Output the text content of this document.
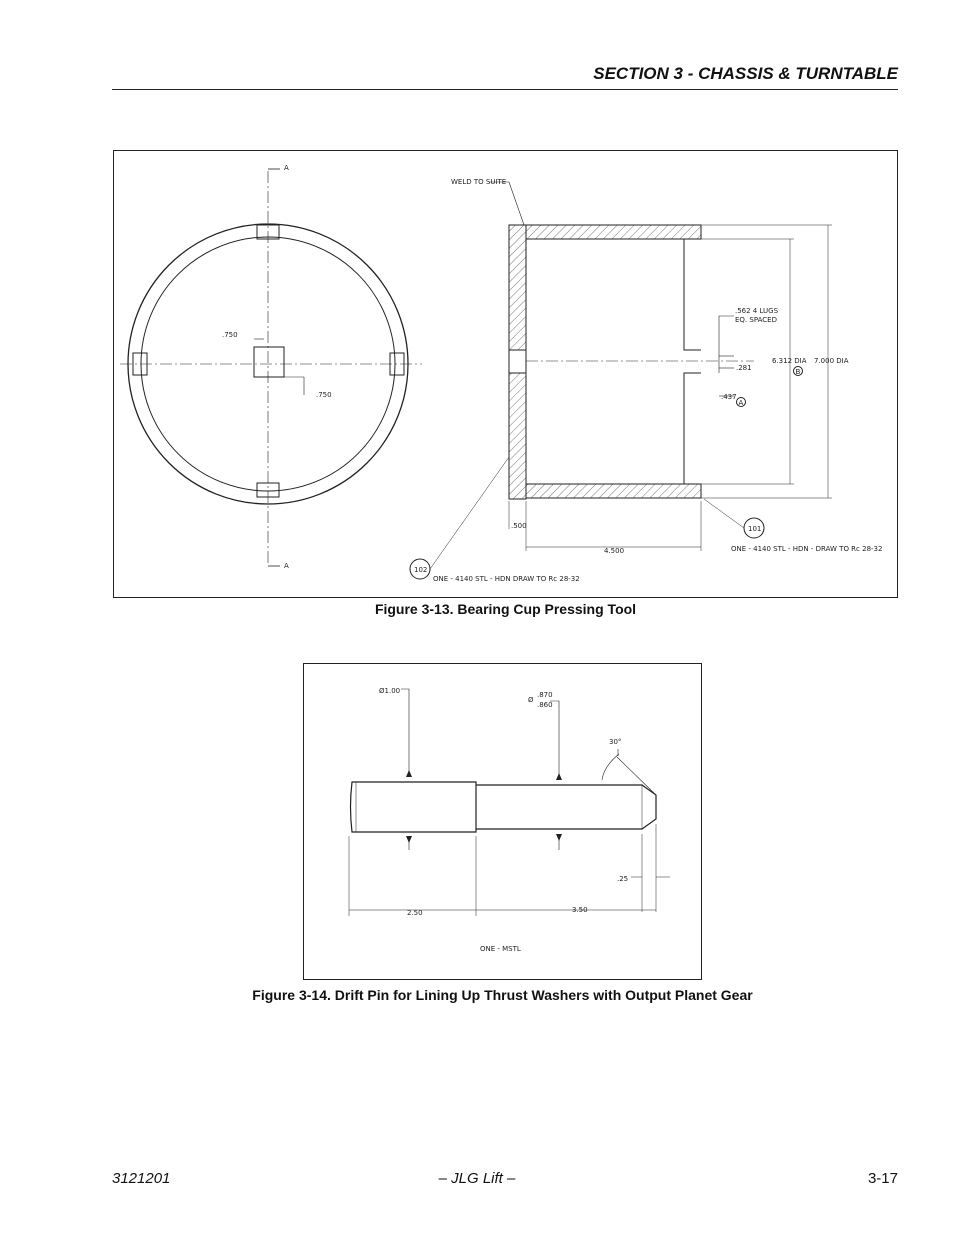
SECTION 3 - CHASSIS & TURNTABLE
A
A
WELD TO SUITE
.750
.750
.562 4 LUGS
EQ. SPACED
.281
.437
A
6.312 DIA 7.000 DIA
B
.500
4.500
101
ONE - 4140 STL - HDN - DRAW TO Rc 28-32
102
ONE - 4140 STL - HDN DRAW TO Rc 28-32
Figure 3-13. Bearing Cup Pressing Tool
Ø1.00
Ø
.870
.860
30°
.25
2.50	3.50
ONE - MSTL
Figure 3-14. Drift Pin for Lining Up Thrust Washers with Output Planet Gear
3121201	– JLG Lift –	3-17
